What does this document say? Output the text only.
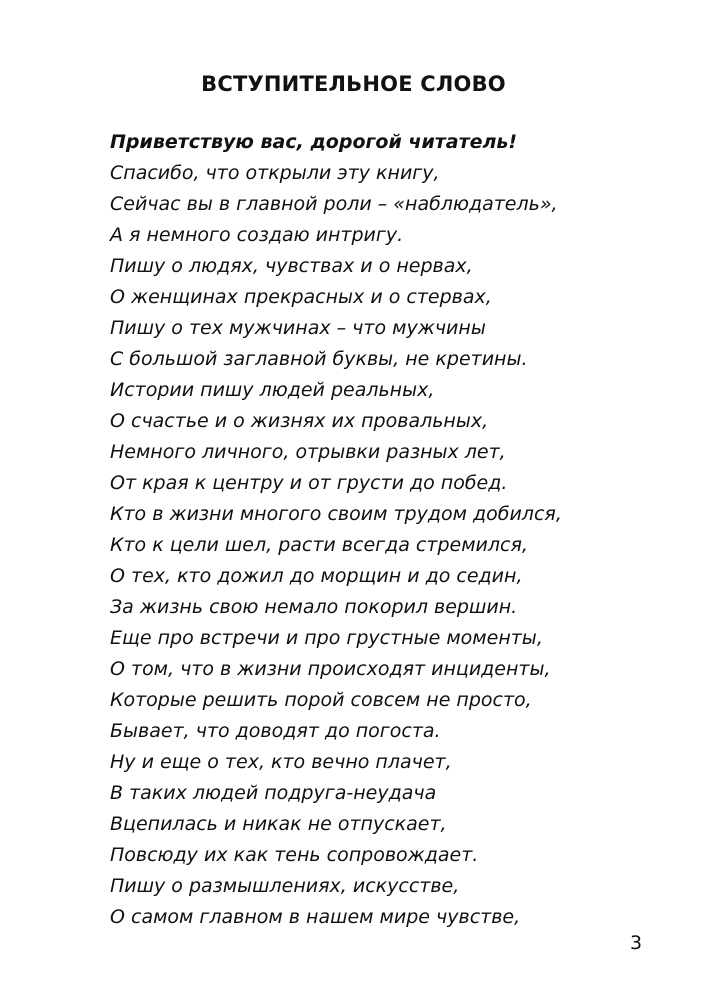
ВСТУПИТЕЛЬНОЕ СЛОВО
Приветствую вас, дорогой читатель!
Спасибо, что открыли эту книгу,
Сейчас вы в главной роли – «наблюдатель»,
А я немного создаю интригу.
Пишу о людях, чувствах и о нервах,
О женщинах прекрасных и о стервах,
Пишу о тех мужчинах – что мужчины
С большой заглавной буквы, не кретины.
Истории пишу людей реальных,
О счастье и о жизнях их провальных,
Немного личного, отрывки разных лет,
От края к центру и от грусти до побед.
Кто в жизни многого своим трудом добился,
Кто к цели шел, расти всегда стремился,
О тех, кто дожил до морщин и до седин,
За жизнь свою немало покорил вершин.
Еще про встречи и про грустные моменты,
О том, что в жизни происходят инциденты,
Которые решить порой совсем не просто,
Бывает, что доводят до погоста.
Ну и еще о тех, кто вечно плачет,
В таких людей подруга-неудача
Вцепилась и никак не отпускает,
Повсюду их как тень сопровождает.
Пишу о размышлениях, искусстве,
О самом главном в нашем мире чувстве,
3
